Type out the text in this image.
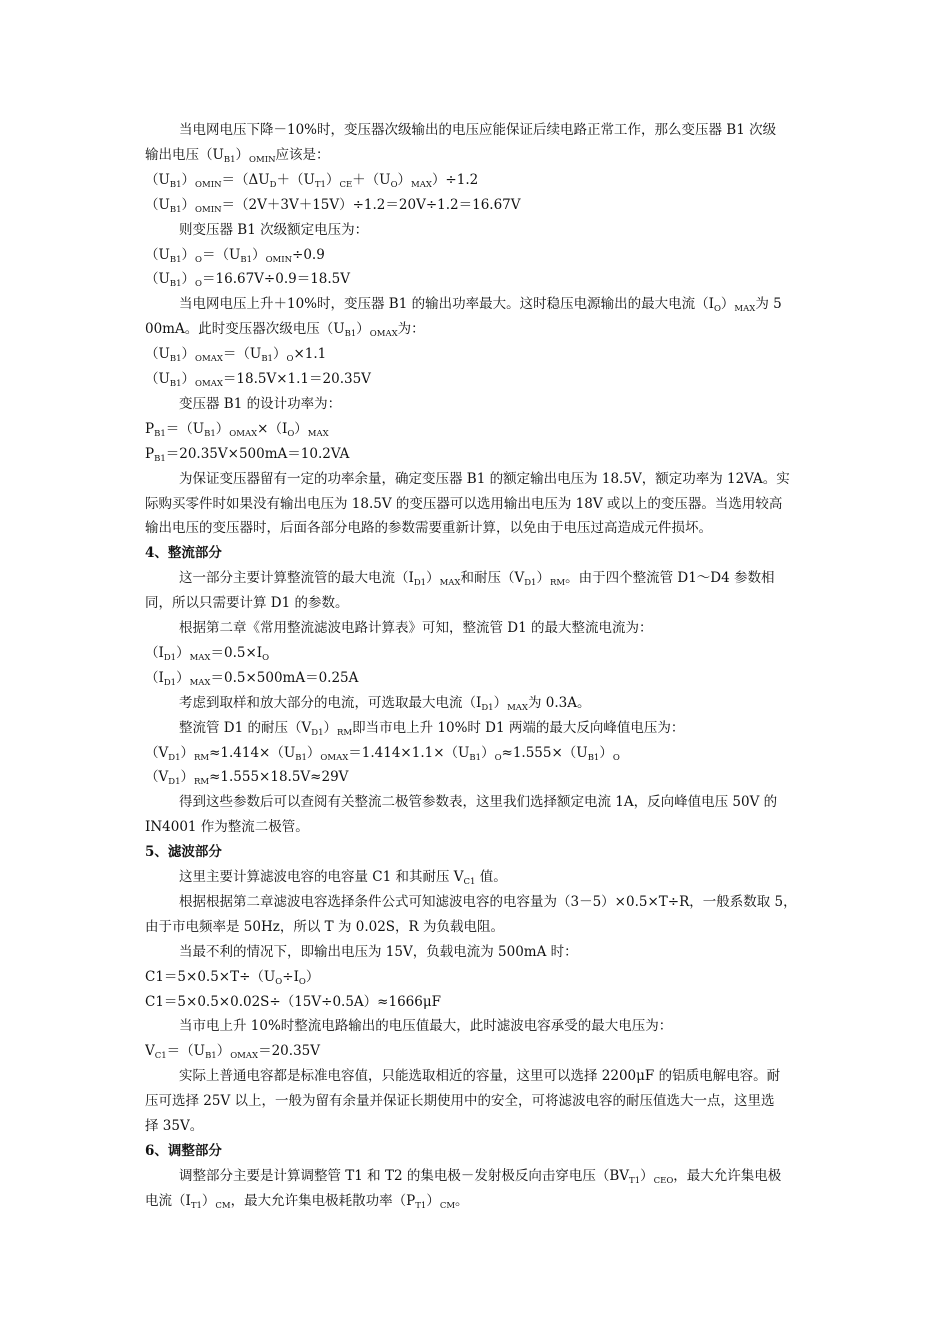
当电网电压下降－10%时，变压器次级输出的电压应能保证后续电路正常工作，那么变压器 B1 次级
输出电压$(U_{B1})_{OMIN}$应该是：
$(U_{B1})_{OMIN}=(\Delta U_D+(U_{T1})_{CE}+(U_O)_{MAX})\div 1.2$
$(U_{B1})_{OMIN}=(2V+3V+15V)\div 1.2=20V\div 1.2=16.67V$
则变压器 B1 次级额定电压为：
$(U_{B1})_O=(U_{B1})_{OMIN}\div 0.9$
$(U_{B1})_O=16.67V\div 0.9=18.5V$
当电网电压上升＋10%时，变压器 B1 的输出功率最大。这时稳压电源输出的最大电流$(I_O)_{MAX}$为 5
00mA。此时变压器次级电压$(U_{B1})_{OMAX}$为：
$(U_{B1})_{OMAX}=(U_{B1})_O\times 1.1$
$(U_{B1})_{OMAX}=18.5V\times 1.1=20.35V$
变压器 B1 的设计功率为：
$P_{B1}=(U_{B1})_{OMAX}\times(I_O)_{MAX}$
$P_{B1}=20.35V\times 500mA=10.2VA$
为保证变压器留有一定的功率余量，确定变压器 B1 的额定输出电压为 18.5V，额定功率为 12VA。实
际购买零件时如果没有输出电压为 18.5V 的变压器可以选用输出电压为 18V 或以上的变压器。当选用较高
输出电压的变压器时，后面各部分电路的参数需要重新计算，以免由于电压过高造成元件损坏。
4、整流部分
这一部分主要计算整流管的最大电流$(I_{D1})_{MAX}$和耐压$(V_{D1})_{RM}$。由于四个整流管 D1～D4 参数相
同，所以只需要计算 D1 的参数。
根据第二章《常用整流滤波电路计算表》可知，整流管 D1 的最大整流电流为：
$(I_{D1})_{MAX}=0.5\times I_O$
$(I_{D1})_{MAX}=0.5\times 500mA=0.25A$
考虑到取样和放大部分的电流，可选取最大电流$(I_{D1})_{MAX}$为 0.3A。
整流管 D1 的耐压$(V_{D1})_{RM}$即当市电上升 10%时 D1 两端的最大反向峰值电压为：
$(V_{D1})_{RM}\approx 1.414\times(U_{B1})_{OMAX}=1.414\times 1.1\times(U_{B1})_O\approx 1.555\times(U_{B1})_O$
$(V_{D1})_{RM}\approx 1.555\times 18.5V\approx 29V$
得到这些参数后可以查阅有关整流二极管参数表，这里我们选择额定电流 1A，反向峰值电压 50V 的
IN4001 作为整流二极管。
5、滤波部分
这里主要计算滤波电容的电容量 C1 和其耐压 $V_{C1}$ 值。
根据根据第二章滤波电容选择条件公式可知滤波电容的电容量为（3－5）×0.5×T÷R，一般系数取 5，
由于市电频率是 50Hz，所以 T 为 0.02S，R 为负载电阻。
当最不利的情况下，即输出电压为 15V，负载电流为 500mA 时：
$C1=5\times 0.5\times T\div(U_O\div I_O)$
C1＝5×0.5×0.02S÷（15V÷0.5A）≈1666μF
当市电上升 10%时整流电路输出的电压值最大，此时滤波电容承受的最大电压为：
$V_{C1}=(U_{B1})_{OMAX}=20.35V$
实际上普通电容都是标准电容值，只能选取相近的容量，这里可以选择 2200μF 的铝质电解电容。耐
压可选择 25V 以上，一般为留有余量并保证长期使用中的安全，可将滤波电容的耐压值选大一点，这里选
择 35V。
6、调整部分
调整部分主要是计算调整管 T1 和 T2 的集电极－发射极反向击穿电压$(BV_{T1})_{CEO}$，最大允许集电极
电流$(I_{T1})_{CM}$，最大允许集电极耗散功率$(P_{T1})_{CM}$。
